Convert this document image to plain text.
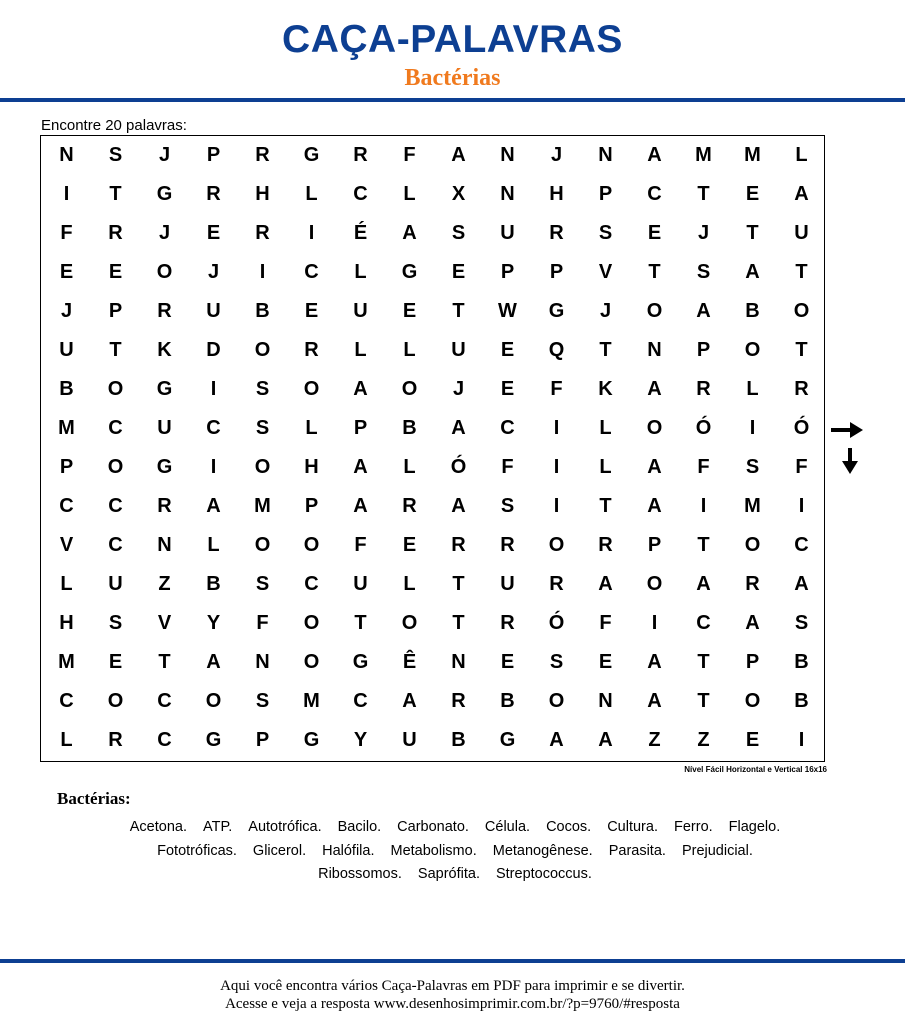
CAÇA-PALAVRAS
Bactérias
Encontre 20 palavras:
N	S	J	P	R	G	R	F	A	N	J	N	A	M	M	L
I	T	G	R	H	L	C	L	X	N	H	P	C	T	E	A
F	R	J	E	R	I	É	A	S	U	R	S	E	J	T	U
E	E	O	J	I	C	L	G	E	P	P	V	T	S	A	T
J	P	R	U	B	E	U	E	T	W	G	J	O	A	B	O
U	T	K	D	O	R	L	L	U	E	Q	T	N	P	O	T
B	O	G	I	S	O	A	O	J	E	F	K	A	R	L	R
M	C	U	C	S	L	P	B	A	C	I	L	O	Ó	I	Ó
P	O	G	I	O	H	A	L	Ó	F	I	L	A	F	S	F
C	C	R	A	M	P	A	R	A	S	I	T	A	I	M	I
V	C	N	L	O	O	F	E	R	R	O	R	P	T	O	C
L	U	Z	B	S	C	U	L	T	U	R	A	O	A	R	A
H	S	V	Y	F	O	T	O	T	R	Ó	F	I	C	A	S
M	E	T	A	N	O	G	Ê	N	E	S	E	A	T	P	B
C	O	C	O	S	M	C	A	R	B	O	N	A	T	O	B
L	R	C	G	P	G	Y	U	B	G	A	A	Z	Z	E	I
Nível Fácil Horizontal e Vertical 16x16
Bactérias:
Acetona. ATP. Autotrófica. Bacilo. Carbonato. Célula. Cocos. Cultura. Ferro. Flagelo.
Fototróficas. Glicerol. Halófila. Metabolismo. Metanogênese. Parasita. Prejudicial.
Ribossomos. Saprófita. Streptococcus.
Aqui você encontra vários Caça-Palavras em PDF para imprimir e se divertir.
Acesse e veja a resposta www.desenhosimprimir.com.br/?p=9760/#resposta
